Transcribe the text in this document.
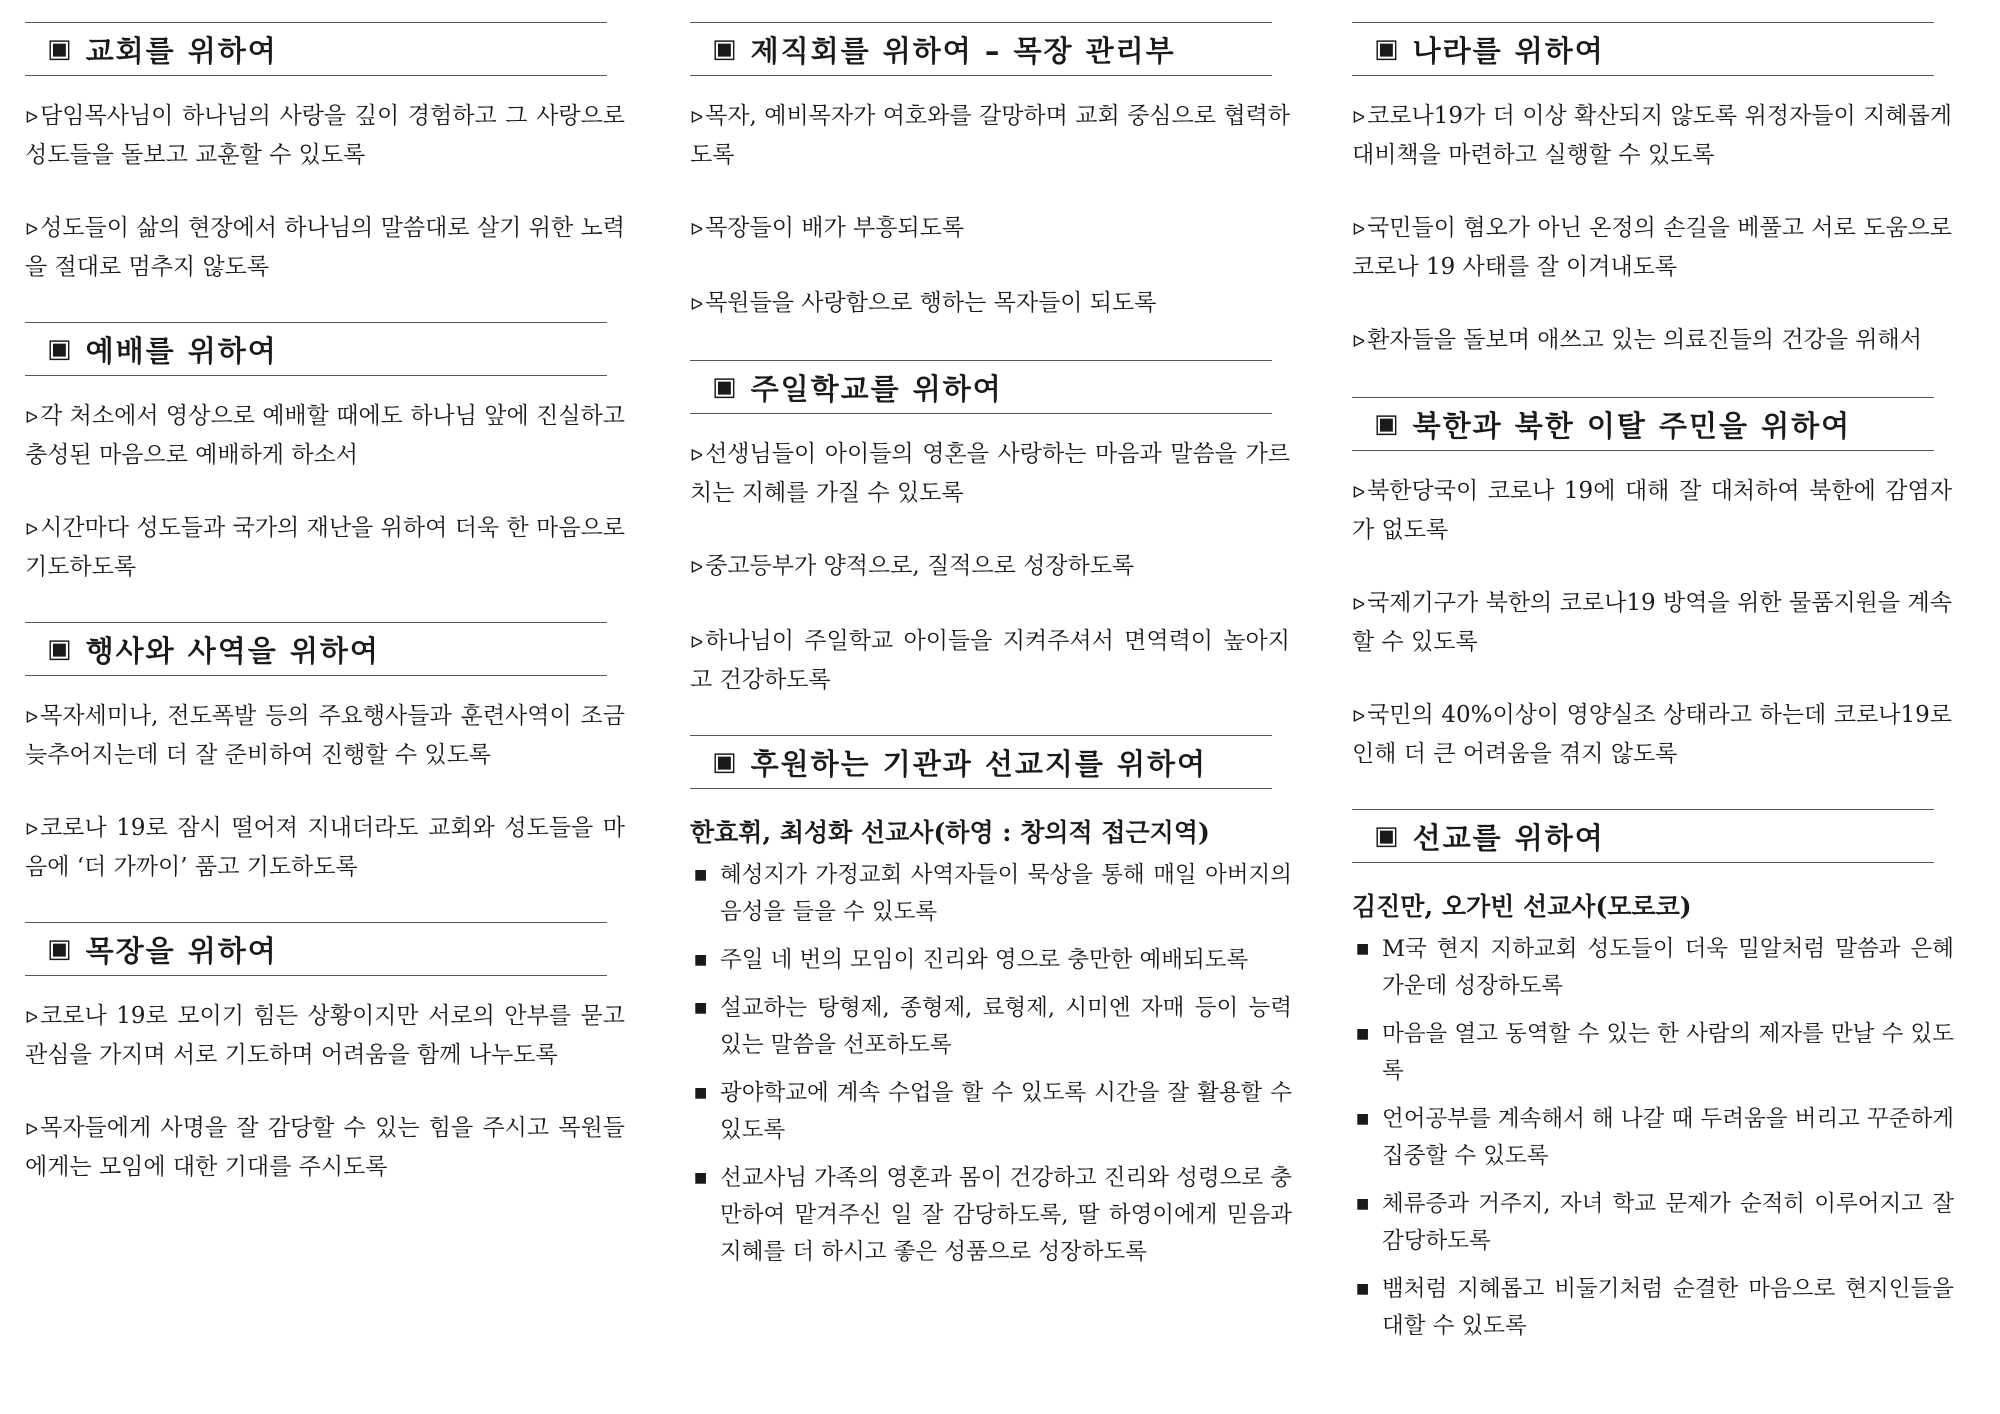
▣ 교회를 위하여
ᐅ담임목사님이 하나님의 사랑을 깊이 경험하고 그 사랑으로 성도들을 돌보고 교훈할 수 있도록
ᐅ성도들이 삶의 현장에서 하나님의 말씀대로 살기 위한 노력을 절대로 멈추지 않도록
▣ 예배를 위하여
ᐅ각 처소에서 영상으로 예배할 때에도 하나님 앞에 진실하고 충성된 마음으로 예배하게 하소서
ᐅ시간마다 성도들과 국가의 재난을 위하여 더욱 한 마음으로 기도하도록
▣ 행사와 사역을 위하여
ᐅ목자세미나, 전도폭발 등의 주요행사들과 훈련사역이 조금 늦추어지는데 더 잘 준비하여 진행할 수 있도록
ᐅ코로나 19로 잠시 떨어져 지내더라도 교회와 성도들을 마음에 ‘더 가까이’ 품고 기도하도록
▣ 목장을 위하여
ᐅ코로나 19로 모이기 힘든 상황이지만 서로의 안부를 묻고 관심을 가지며 서로 기도하며 어려움을 함께 나누도록
ᐅ목자들에게 사명을 잘 감당할 수 있는 힘을 주시고 목원들에게는 모임에 대한 기대를 주시도록
▣ 제직회를 위하여 – 목장 관리부
ᐅ목자, 예비목자가 여호와를 갈망하며 교회 중심으로 협력하도록
ᐅ목장들이 배가 부흥되도록
ᐅ목원들을 사랑함으로 행하는 목자들이 되도록
▣ 주일학교를 위하여
ᐅ선생님들이 아이들의 영혼을 사랑하는 마음과 말씀을 가르치는 지혜를 가질 수 있도록
ᐅ중고등부가 양적으로, 질적으로 성장하도록
ᐅ하나님이 주일학교 아이들을 지켜주셔서 면역력이 높아지고 건강하도록
▣ 후원하는 기관과 선교지를 위하여
한효휘, 최성화 선교사(하영 : 창의적 접근지역)
■ 혜성지가 가정교회 사역자들이 묵상을 통해 매일 아버지의 음성을 들을 수 있도록
■ 주일 네 번의 모임이 진리와 영으로 충만한 예배되도록
■ 설교하는 탕형제, 종형제, 료형제, 시미엔 자매 등이 능력 있는 말씀을 선포하도록
■ 광야학교에 계속 수업을 할 수 있도록 시간을 잘 활용할 수 있도록
■ 선교사님 가족의 영혼과 몸이 건강하고 진리와 성령으로 충만하여 맡겨주신 일 잘 감당하도록, 딸 하영이에게 믿음과 지혜를 더 하시고 좋은 성품으로 성장하도록
▣ 나라를 위하여
ᐅ코로나19가 더 이상 확산되지 않도록 위정자들이 지혜롭게 대비책을 마련하고 실행할 수 있도록
ᐅ국민들이 혐오가 아닌 온정의 손길을 베풀고 서로 도움으로 코로나 19 사태를 잘 이겨내도록
ᐅ환자들을 돌보며 애쓰고 있는 의료진들의 건강을 위해서
▣ 북한과 북한 이탈 주민을 위하여
ᐅ북한당국이 코로나 19에 대해 잘 대처하여 북한에 감염자가 없도록
ᐅ국제기구가 북한의 코로나19 방역을 위한 물품지원을 계속할 수 있도록
ᐅ국민의 40%이상이 영양실조 상태라고 하는데 코로나19로 인해 더 큰 어려움을 겪지 않도록
▣ 선교를 위하여
김진만, 오가빈 선교사(모로코)
■ M국 현지 지하교회 성도들이 더욱 밀알처럼 말씀과 은혜 가운데 성장하도록
■ 마음을 열고 동역할 수 있는 한 사람의 제자를 만날 수 있도록
■ 언어공부를 계속해서 해 나갈 때 두려움을 버리고 꾸준하게 집중할 수 있도록
■ 체류증과 거주지, 자녀 학교 문제가 순적히 이루어지고 잘 감당하도록
■ 뱀처럼 지혜롭고 비둘기처럼 순결한 마음으로 현지인들을 대할 수 있도록
